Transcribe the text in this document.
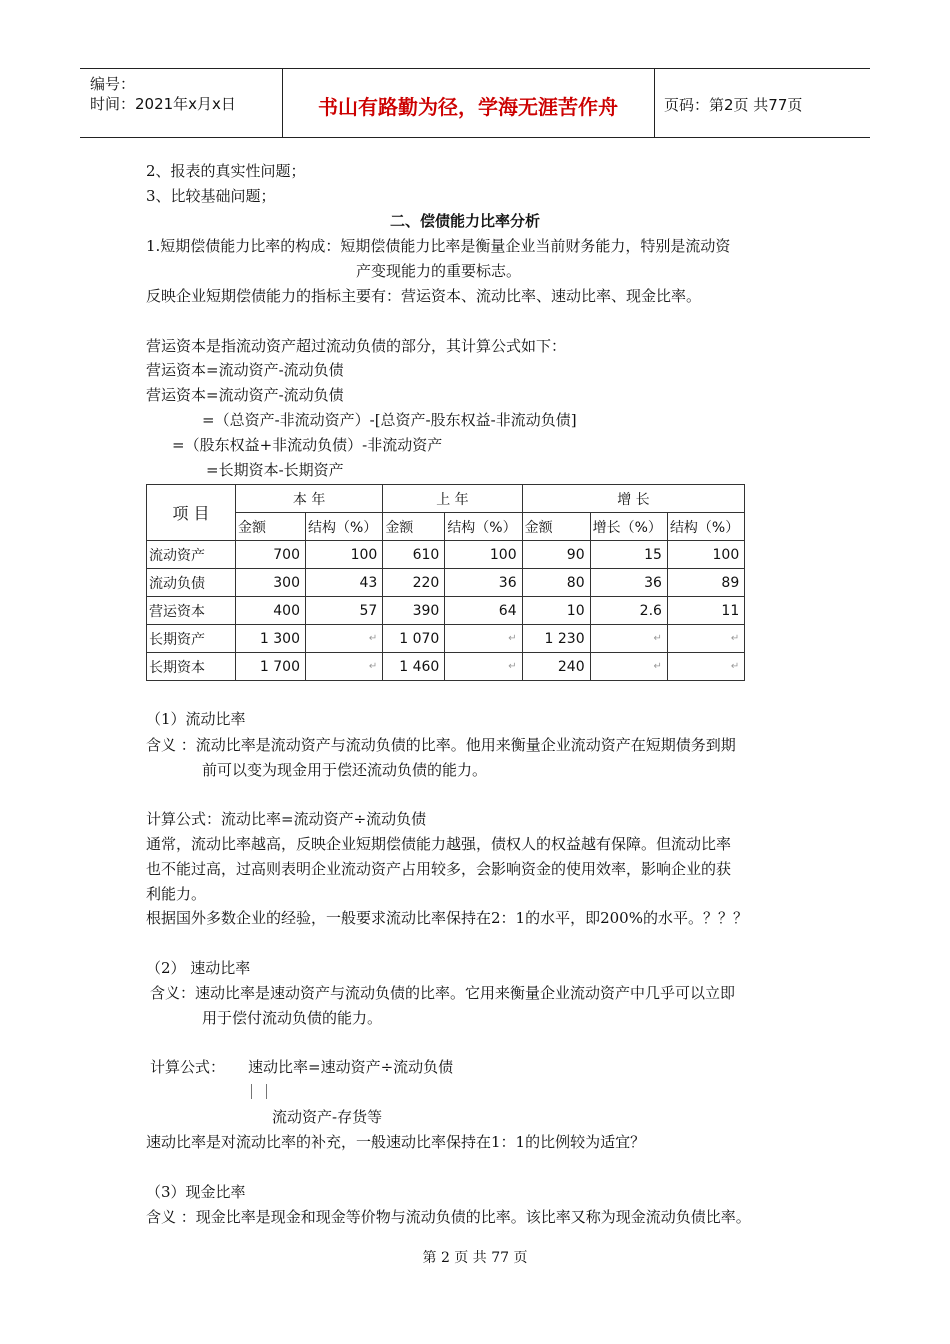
编号：
时间：2021年x月x日	书山有路勤为径，学海无涯苦作舟	页码：第2页 共77页
2、报表的真实性问题；
3、比较基础问题；
二、偿债能力比率分析
1.短期偿债能力比率的构成：短期偿债能力比率是衡量企业当前财务能力，特别是流动资
产变现能力的重要标志。
反映企业短期偿债能力的指标主要有：营运资本、流动比率、速动比率、现金比率。
营运资本是指流动资产超过流动负债的部分，其计算公式如下：
营运资本=流动资产-流动负债
营运资本=流动资产-流动负债
=（总资产-非流动资产）-[总资产-股东权益-非流动负债]
=（股东权益+非流动负债）-非流动资产
=长期资本-长期资产
项 目	本 年		上 年		增 长		
	金额	结构（%）	金额	结构（%）	金额	增长（%）	结构（%）
流动资产	700	100	610	100	90	15	100
流动负债	300	43	220	36	80	36	89
营运资本	400	57	390	64	10	2.6	11
长期资产	1 300	↵	1 070	↵	1 230	↵	↵
长期资本	1 700	↵	1 460	↵	240	↵	↵
（1）流动比率
含义 ：流动比率是流动资产与流动负债的比率。他用来衡量企业流动资产在短期债务到期
前可以变为现金用于偿还流动负债的能力。
计算公式：流动比率=流动资产÷流动负债
通常，流动比率越高，反映企业短期偿债能力越强，债权人的权益越有保障。但流动比率
也不能过高，过高则表明企业流动资产占用较多，会影响资金的使用效率，影响企业的获
利能力。
根据国外多数企业的经验，一般要求流动比率保持在2：1的水平，即200%的水平。？？？
（2） 速动比率
含义：速动比率是速动资产与流动负债的比率。它用来衡量企业流动资产中几乎可以立即
用于偿付流动负债的能力。
计算公式： 速动比率=速动资产÷流动负债
｜｜
流动资产-存货等
速动比率是对流动比率的补充，一般速动比率保持在1：1的比例较为适宜？
（3）现金比率
含义 ：现金比率是现金和现金等价物与流动负债的比率。该比率又称为现金流动负债比率。
第 2 页 共 77 页
